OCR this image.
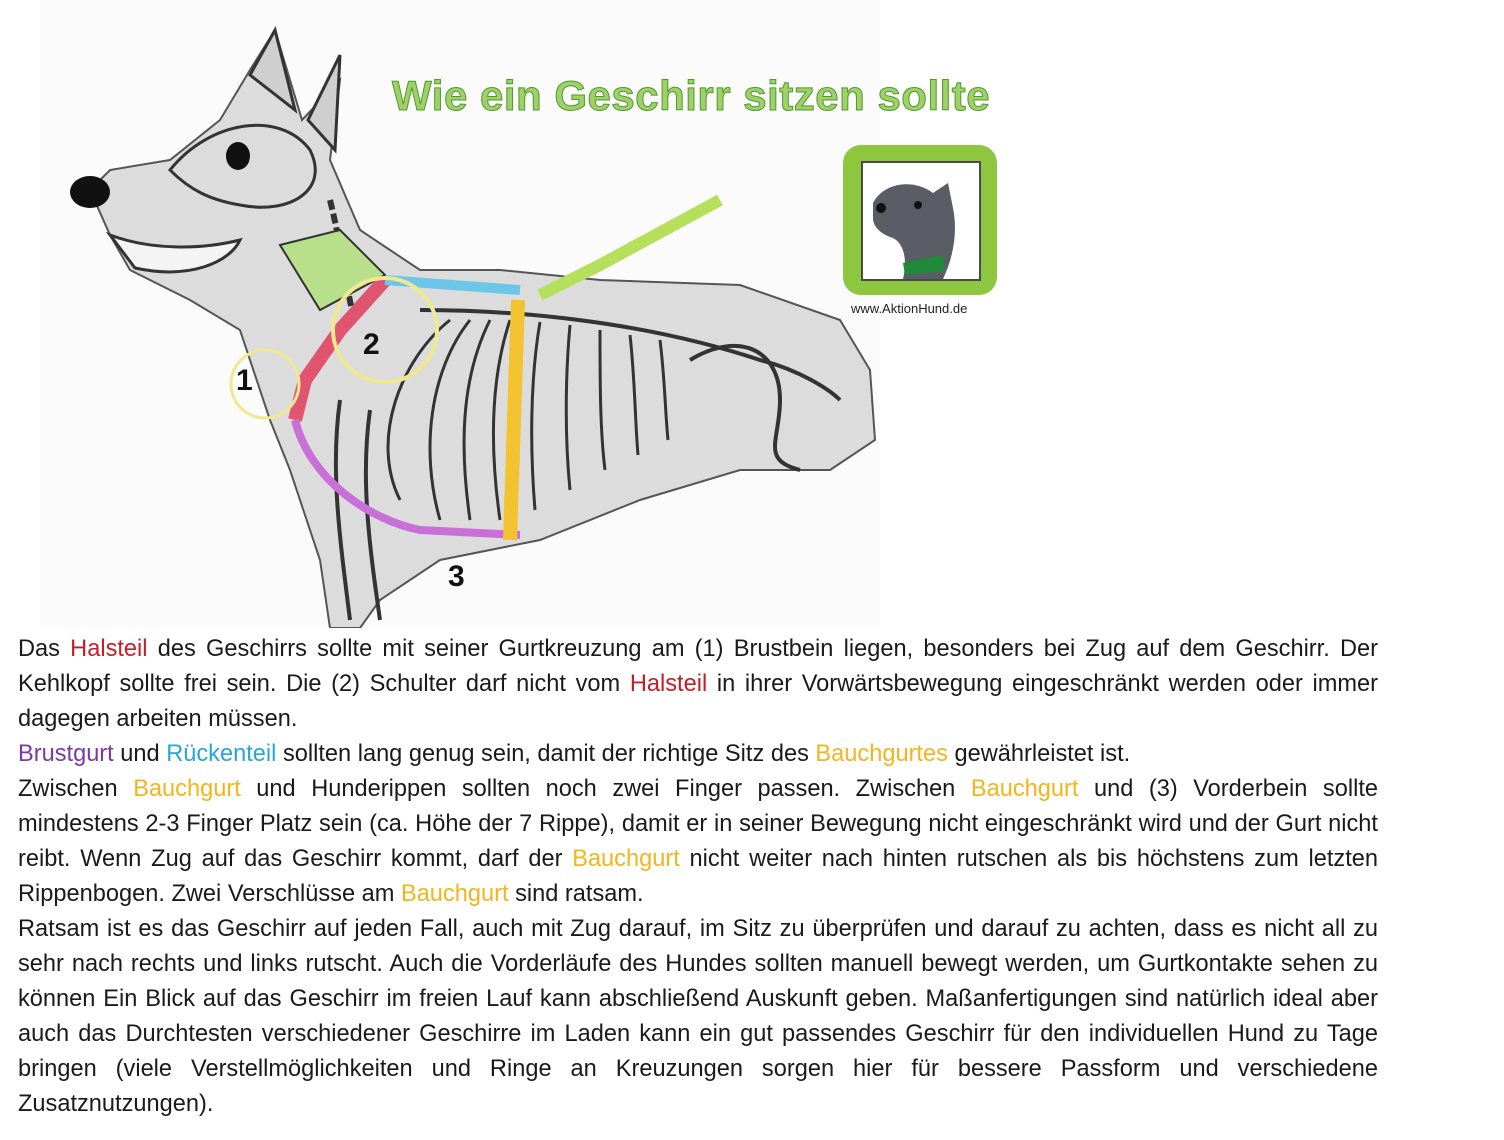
Wie ein Geschirr sitzen sollte
www.AktionHund.de
1
2
3

Das Halsteil des Geschirrs sollte mit seiner Gurtkreuzung am (1) Brustbein liegen, besonders bei Zug auf dem Geschirr. Der Kehlkopf sollte frei sein. Die (2) Schulter darf nicht vom Halsteil in ihrer Vorwärtsbewegung eingeschränkt werden oder immer dagegen arbeiten müssen.

Brustgurt und Rückenteil sollten lang genug sein, damit der richtige Sitz des Bauchgurtes gewährleistet ist.

Zwischen Bauchgurt und Hunderippen sollten noch zwei Finger passen. Zwischen Bauchgurt und (3) Vorderbein sollte mindestens 2-3 Finger Platz sein (ca. Höhe der 7 Rippe), damit er in seiner Bewegung nicht eingeschränkt wird und der Gurt nicht reibt. Wenn Zug auf das Geschirr kommt, darf der Bauchgurt nicht weiter nach hinten rutschen als bis höchstens zum letzten Rippenbogen. Zwei Verschlüsse am Bauchgurt sind ratsam.

Ratsam ist es das Geschirr auf jeden Fall, auch mit Zug darauf, im Sitz zu überprüfen und darauf zu achten, dass es nicht all zu sehr nach rechts und links rutscht. Auch die Vorderläufe des Hundes sollten manuell bewegt werden, um Gurtkontakte sehen zu können Ein Blick auf das Geschirr im freien Lauf kann abschließend Auskunft geben. Maßanfertigungen sind natürlich ideal aber auch das Durchtesten verschiedener Geschirre im Laden kann ein gut passendes Geschirr für den individuellen Hund zu Tage bringen (viele Verstellmöglichkeiten und Ringe an Kreuzungen sorgen hier für bessere Passform und verschiedene Zusatznutzungen).
